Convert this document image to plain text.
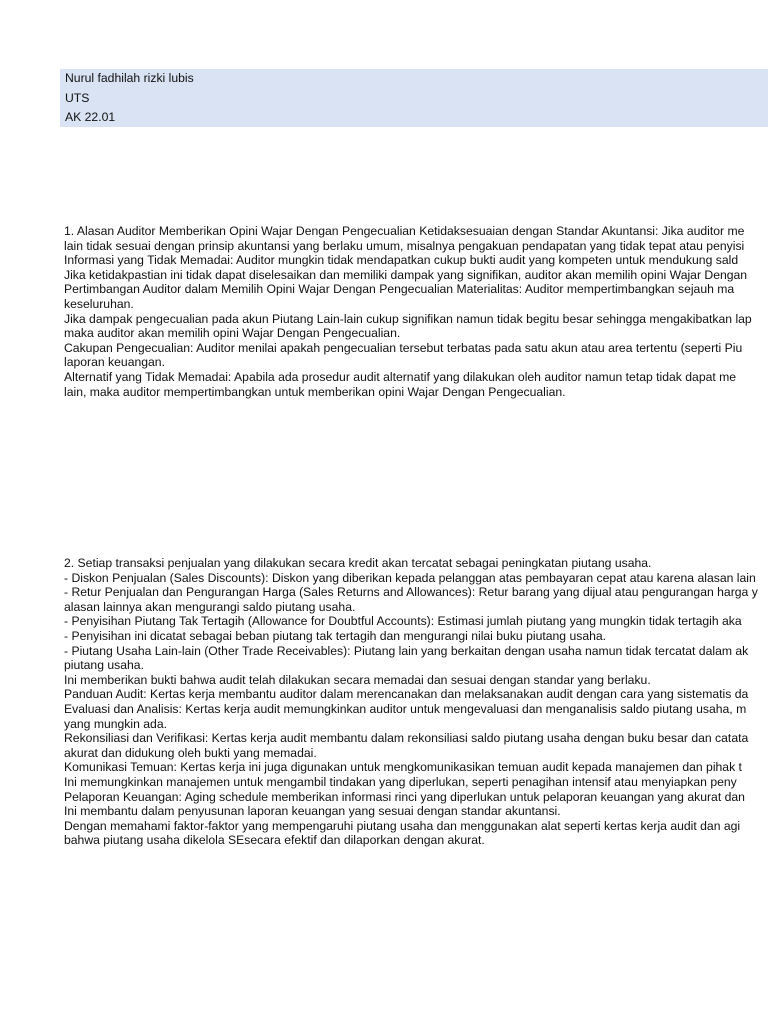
Nurul fadhilah rizki lubis
UTS
AK 22.01
1. Alasan Auditor Memberikan Opini Wajar Dengan Pengecualian Ketidaksesuaian dengan Standar Akuntansi: Jika auditor me
lain tidak sesuai dengan prinsip akuntansi yang berlaku umum, misalnya pengakuan pendapatan yang tidak tepat atau penyisi
Informasi yang Tidak Memadai: Auditor mungkin tidak mendapatkan cukup bukti audit yang kompeten untuk mendukung sald
Jika ketidakpastian ini tidak dapat diselesaikan dan memiliki dampak yang signifikan, auditor akan memilih opini Wajar Dengan
Pertimbangan Auditor dalam Memilih Opini Wajar Dengan Pengecualian Materialitas: Auditor mempertimbangkan sejauh ma
keseluruhan.
Jika dampak pengecualian pada akun Piutang Lain-lain cukup signifikan namun tidak begitu besar sehingga mengakibatkan lap
maka auditor akan memilih opini Wajar Dengan Pengecualian.
Cakupan Pengecualian: Auditor menilai apakah pengecualian tersebut terbatas pada satu akun atau area tertentu (seperti Piu
laporan keuangan.
Alternatif yang Tidak Memadai: Apabila ada prosedur audit alternatif yang dilakukan oleh auditor namun tetap tidak dapat me
lain, maka auditor mempertimbangkan untuk memberikan opini Wajar Dengan Pengecualian.
2. Setiap transaksi penjualan yang dilakukan secara kredit akan tercatat sebagai peningkatan piutang usaha.
- Diskon Penjualan (Sales Discounts): Diskon yang diberikan kepada pelanggan atas pembayaran cepat atau karena alasan lain
- Retur Penjualan dan Pengurangan Harga (Sales Returns and Allowances): Retur barang yang dijual atau pengurangan harga y
alasan lainnya akan mengurangi saldo piutang usaha.
- Penyisihan Piutang Tak Tertagih (Allowance for Doubtful Accounts): Estimasi jumlah piutang yang mungkin tidak tertagih aka
- Penyisihan ini dicatat sebagai beban piutang tak tertagih dan mengurangi nilai buku piutang usaha.
- Piutang Usaha Lain-lain (Other Trade Receivables): Piutang lain yang berkaitan dengan usaha namun tidak tercatat dalam ak
piutang usaha.
Ini memberikan bukti bahwa audit telah dilakukan secara memadai dan sesuai dengan standar yang berlaku.
Panduan Audit: Kertas kerja membantu auditor dalam merencanakan dan melaksanakan audit dengan cara yang sistematis da
Evaluasi dan Analisis: Kertas kerja audit memungkinkan auditor untuk mengevaluasi dan menganalisis saldo piutang usaha, m
yang mungkin ada.
Rekonsiliasi dan Verifikasi: Kertas kerja audit membantu dalam rekonsiliasi saldo piutang usaha dengan buku besar dan catata
akurat dan didukung oleh bukti yang memadai.
Komunikasi Temuan: Kertas kerja ini juga digunakan untuk mengkomunikasikan temuan audit kepada manajemen dan pihak t
Ini memungkinkan manajemen untuk mengambil tindakan yang diperlukan, seperti penagihan intensif atau menyiapkan peny
Pelaporan Keuangan: Aging schedule memberikan informasi rinci yang diperlukan untuk pelaporan keuangan yang akurat dan
Ini membantu dalam penyusunan laporan keuangan yang sesuai dengan standar akuntansi.
Dengan memahami faktor-faktor yang mempengaruhi piutang usaha dan menggunakan alat seperti kertas kerja audit dan agi
bahwa piutang usaha dikelola SEsecara efektif dan dilaporkan dengan akurat.
